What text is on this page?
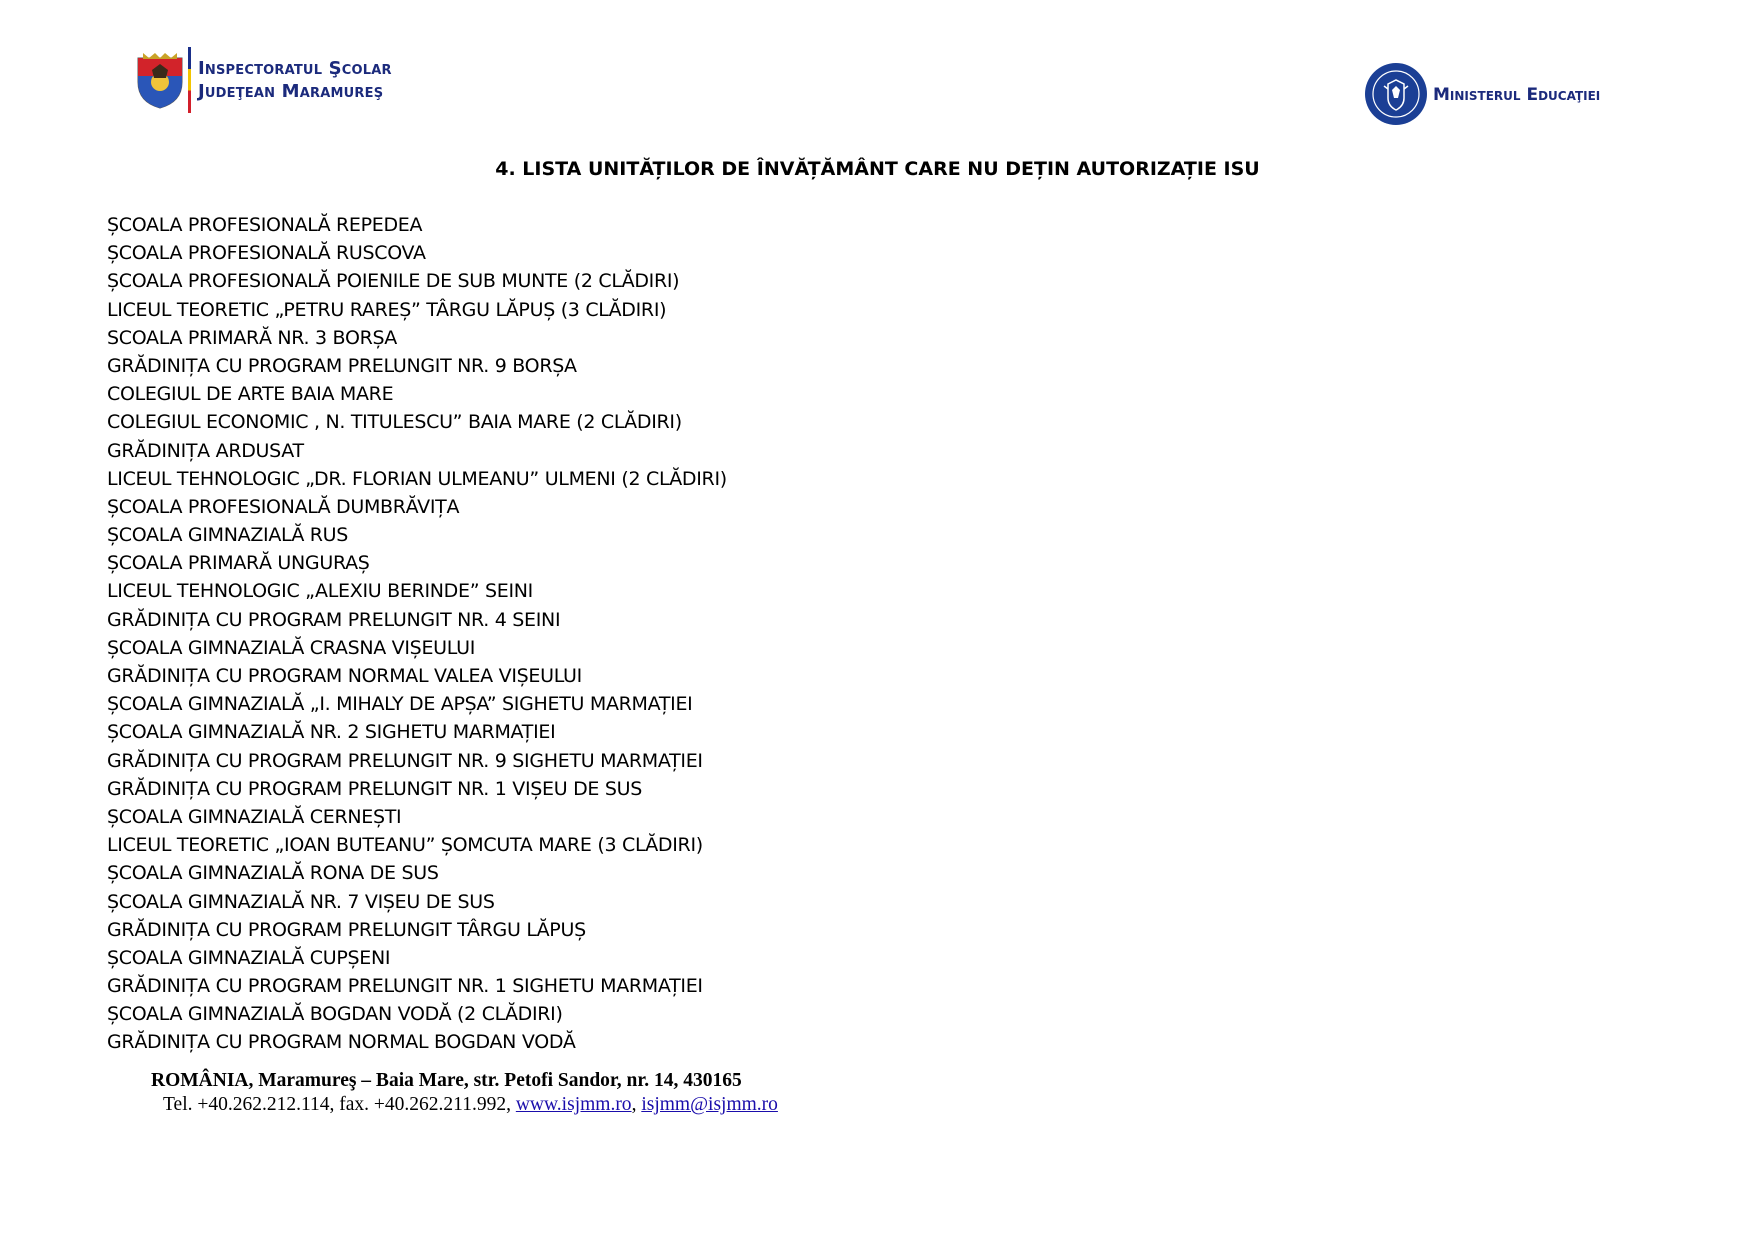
Inspectoratul Şcolar
Judeţean Maramureş	Ministerul Educaţiei
4. LISTA UNITĂȚILOR DE ÎNVĂȚĂMÂNT CARE NU DEȚIN AUTORIZAȚIE ISU
ȘCOALA PROFESIONALĂ REPEDEA
ȘCOALA PROFESIONALĂ RUSCOVA
ȘCOALA PROFESIONALĂ POIENILE DE SUB MUNTE (2 CLĂDIRI)
LICEUL TEORETIC „PETRU RAREȘ” TÂRGU LĂPUȘ (3 CLĂDIRI)
SCOALA PRIMARĂ NR. 3 BORȘA
GRĂDINIȚA CU PROGRAM PRELUNGIT NR. 9 BORȘA
COLEGIUL DE ARTE BAIA MARE
COLEGIUL ECONOMIC , N. TITULESCU” BAIA MARE (2 CLĂDIRI)
GRĂDINIȚA ARDUSAT
LICEUL TEHNOLOGIC „DR. FLORIAN ULMEANU” ULMENI (2 CLĂDIRI)
ȘCOALA PROFESIONALĂ DUMBRĂVIȚA
ȘCOALA GIMNAZIALĂ RUS
ȘCOALA PRIMARĂ UNGURAȘ
LICEUL TEHNOLOGIC „ALEXIU BERINDE” SEINI
GRĂDINIȚA CU PROGRAM PRELUNGIT NR. 4 SEINI
ȘCOALA GIMNAZIALĂ CRASNA VIȘEULUI
GRĂDINIȚA CU PROGRAM NORMAL VALEA VIȘEULUI
ȘCOALA GIMNAZIALĂ „I. MIHALY DE APȘA” SIGHETU MARMAȚIEI
ȘCOALA GIMNAZIALĂ NR. 2 SIGHETU MARMAȚIEI
GRĂDINIȚA CU PROGRAM PRELUNGIT NR. 9 SIGHETU MARMAȚIEI
GRĂDINIȚA CU PROGRAM PRELUNGIT NR. 1 VIȘEU DE SUS
ȘCOALA GIMNAZIALĂ CERNEȘTI
LICEUL TEORETIC „IOAN BUTEANU” ȘOMCUTA MARE (3 CLĂDIRI)
ȘCOALA GIMNAZIALĂ RONA DE SUS
ȘCOALA GIMNAZIALĂ NR. 7 VIȘEU DE SUS
GRĂDINIȚA CU PROGRAM PRELUNGIT TÂRGU LĂPUȘ
ȘCOALA GIMNAZIALĂ CUPȘENI
GRĂDINIȚA CU PROGRAM PRELUNGIT NR. 1 SIGHETU MARMAȚIEI
ȘCOALA GIMNAZIALĂ BOGDAN VODĂ (2 CLĂDIRI)
GRĂDINIȚA CU PROGRAM NORMAL BOGDAN VODĂ
ROMÂNIA, Maramureş – Baia Mare, str. Petofi Sandor, nr. 14, 430165
Tel. +40.262.212.114, fax. +40.262.211.992, www.isjmm.ro, isjmm@isjmm.ro
